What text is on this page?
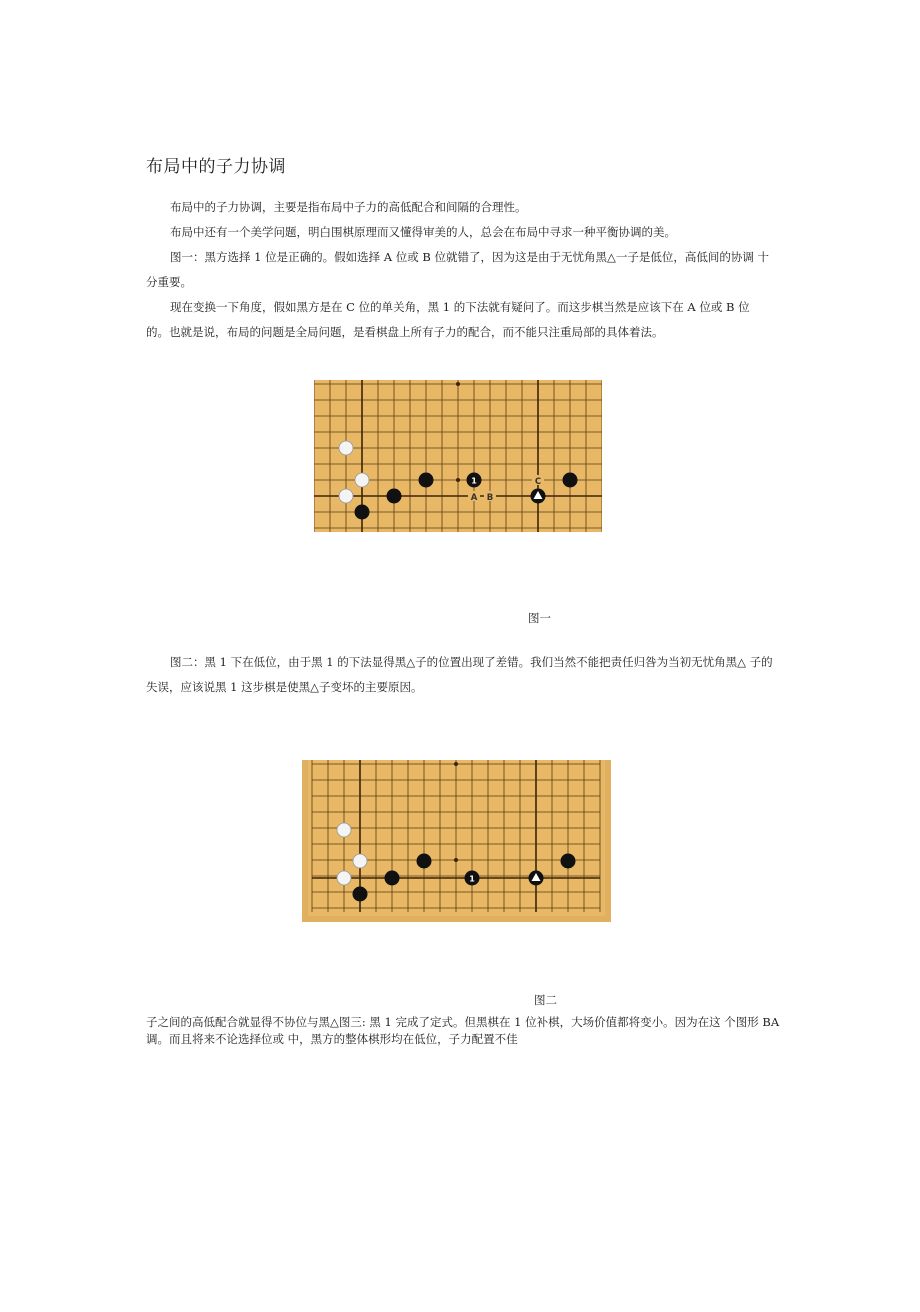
布局中的子力协调
布局中的子力协调，主要是指布局中子力的高低配合和间隔的合理性。
布局中还有一个美学问题，明白围棋原理而又懂得审美的人，总会在布局中寻求一种平衡协调的美。
图一：黑方选择 1 位是正确的。假如选择 A 位或 B 位就错了，因为这是由于无忧角黑△一子是低位，高低间的协调 十分重要。
现在变换一下角度，假如黑方是在 C 位的单关角，黑 1 的下法就有疑问了。而这步棋当然是应该下在 A 位或 B 位 的。也就是说，布局的问题是全局问题，是看棋盘上所有子力的配合，而不能只注重局部的具体着法。
1
A B
C
图一
图二：黑 1 下在低位，由于黑 1 的下法显得黑△子的位置出现了差错。我们当然不能把责任归咎为当初无忧角黑△ 子的失误，应该说黑 1 这步棋是使黑△子变坏的主要原因。
1
图二
子之间的高低配合就显得不协位与黑△图三: 黑 1 完成了定式。但黑棋在 1 位补棋，大场价值都将变小。因为在这 个图形 BA 调。而且将来不论选择位或 中，黑方的整体棋形均在低位，子力配置不佳
